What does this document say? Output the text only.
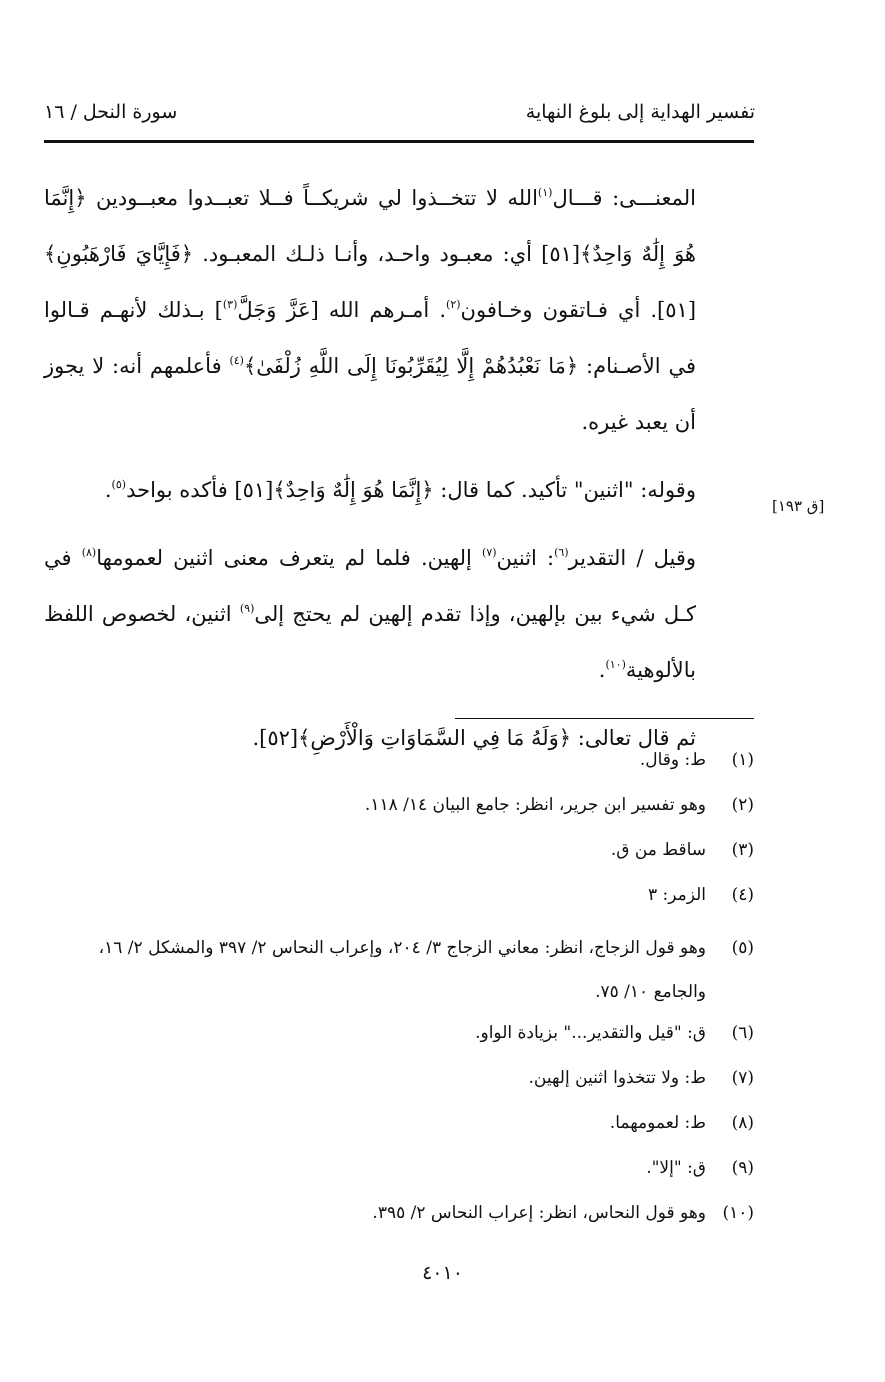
تفسير الهداية إلى بلوغ النهاية
سورة النحل / ١٦
[ق ١٩٣]

المعنـــى: قـــال$^{(١)}$الله لا تتخــذوا لي شريكــاً فــلا تعبــدوا معبــودين ﴿إِنَّمَا هُوَ إِلَٰهٌ وَاحِدٌ﴾[٥١] أي: معبـود واحـد، وأنـا ذلـك المعبـود. ﴿فَإِيَّايَ فَارْهَبُونِ﴾[٥١]. أي فـاتقون وخـافون$^{(٢)}$. أمـرهم الله [عَزَّ وَجَلَّ$^{(٣)}$] بـذلك لأنهـم قـالوا في الأصـنام: ﴿مَا نَعْبُدُهُمْ إِلَّا لِيُقَرِّبُونَا إِلَى اللَّهِ زُلْفَىٰ﴾$^{(٤)}$ فأعلمهم أنه: لا يجوز أن يعبد غيره.

وقوله: "اثنين" تأكيد. كما قال: ﴿إِنَّمَا هُوَ إِلَٰهٌ وَاحِدٌ﴾[٥١] فأكده بواحد$^{(٥)}$.

وقيل / التقدير$^{(٦)}$: اثنين$^{(٧)}$ إلهين. فلما لم يتعرف معنى اثنين لعمومها$^{(٨)}$ في كـل شيء بين بإلهين، وإذا تقدم إلهين لم يحتج إلى$^{(٩)}$ اثنين، لخصوص اللفظ بالألوهية$^{(١٠)}$.

ثم قال تعالى: ﴿وَلَهُ مَا فِي السَّمَاوَاتِ وَالْأَرْضِ﴾[٥٢].

(١)
ط: وقال.
(٢)
وهو تفسير ابن جرير، انظر: جامع البيان ١٤/ ١١٨.
(٣)
ساقط من ق.
(٤)
الزمر: ٣
(٥)
وهو قول الزجاج، انظر: معاني الزجاج ٣/ ٢٠٤، وإعراب النحاس ٢/ ٣٩٧ والمشكل ٢/ ١٦، والجامع ١٠/ ٧٥.
(٦)
ق: "قيل والتقدير..." بزيادة الواو.
(٧)
ط: ولا تتخذوا اثنين إلهين.
(٨)
ط: لعمومهما.
(٩)
ق: "إلا".
(١٠)
وهو قول النحاس، انظر: إعراب النحاس ٢/ ٣٩٥.
٤٠١٠
